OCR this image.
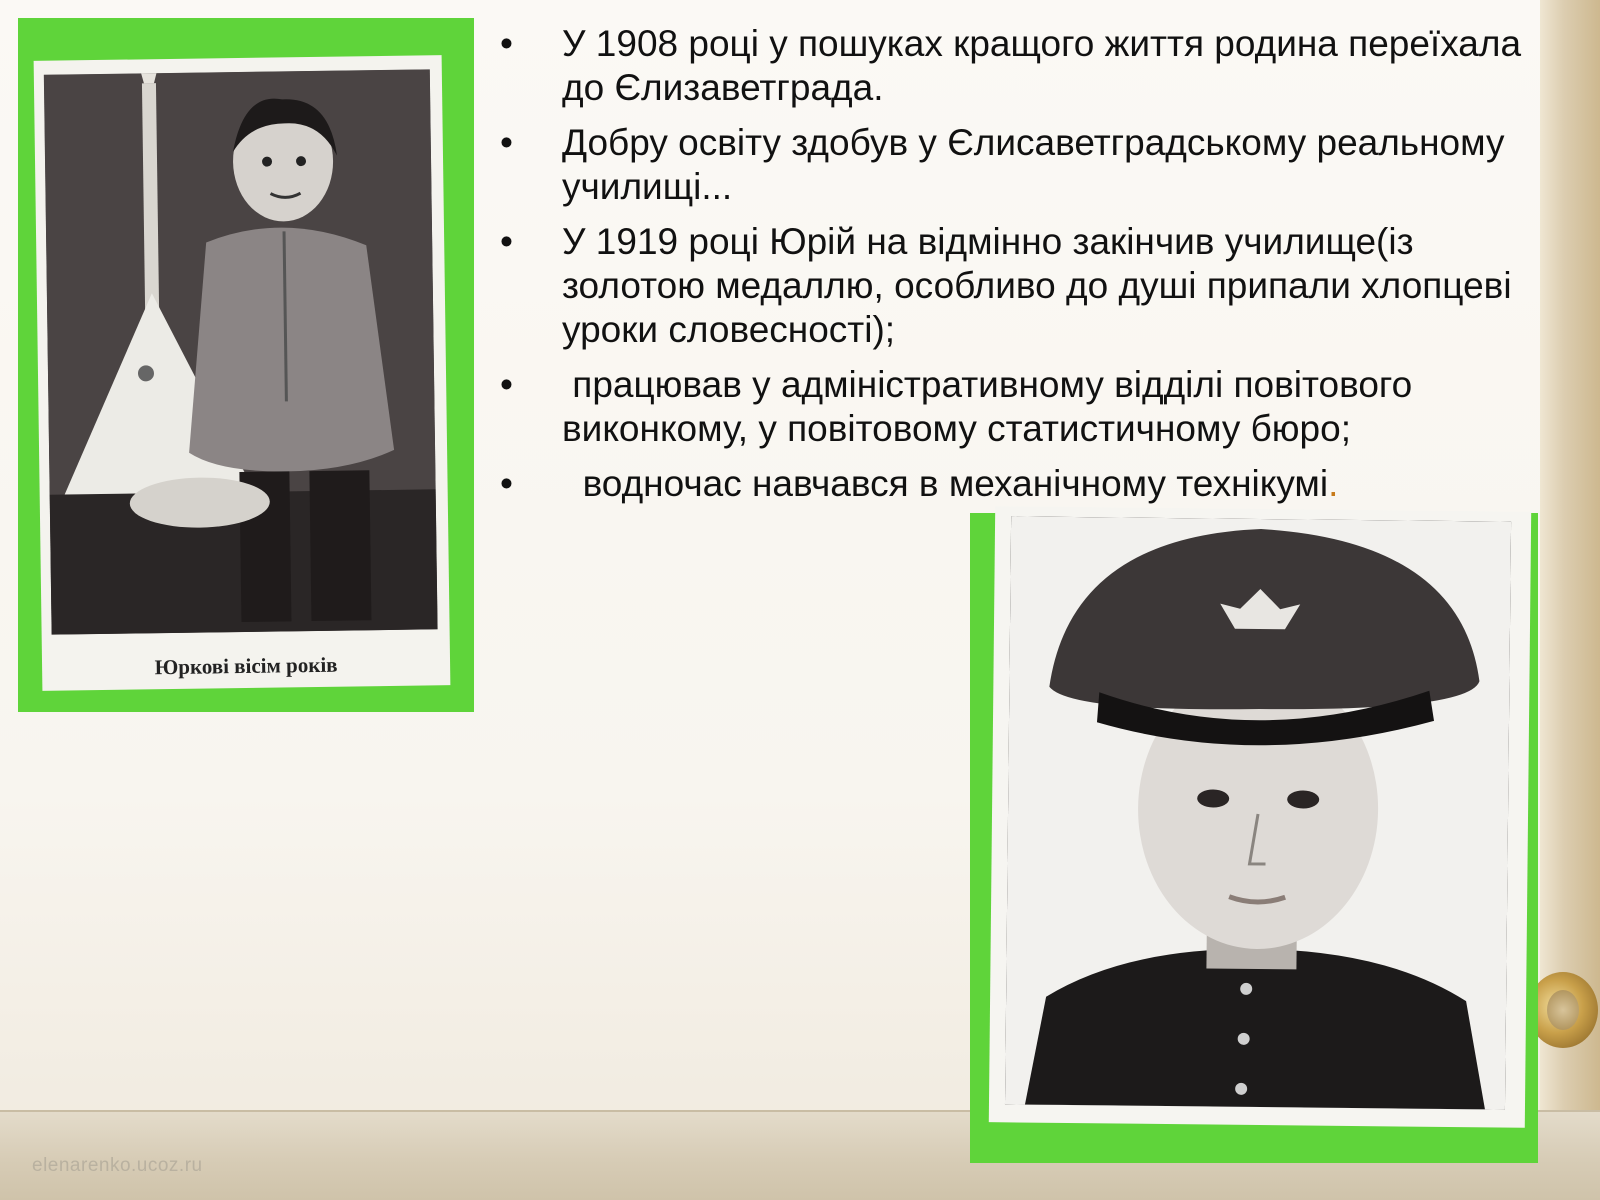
elenarenko.ucoz.ru
Юркові вісім років
•	У 1908 році у пошуках кращого життя родина переїхала до Єлизаветграда.
•	Добру освіту здобув у Єлисаветградському реальному училищі...
•	У 1919 році Юрій на відмінно закінчив училище(із золотою медаллю, особливо до душі припали хлопцеві уроки словесності);
•	працював у адміністративному відділі повітового виконкому, у повітовому статистичному бюро;
•	водночас навчався в механічному технікумі.
